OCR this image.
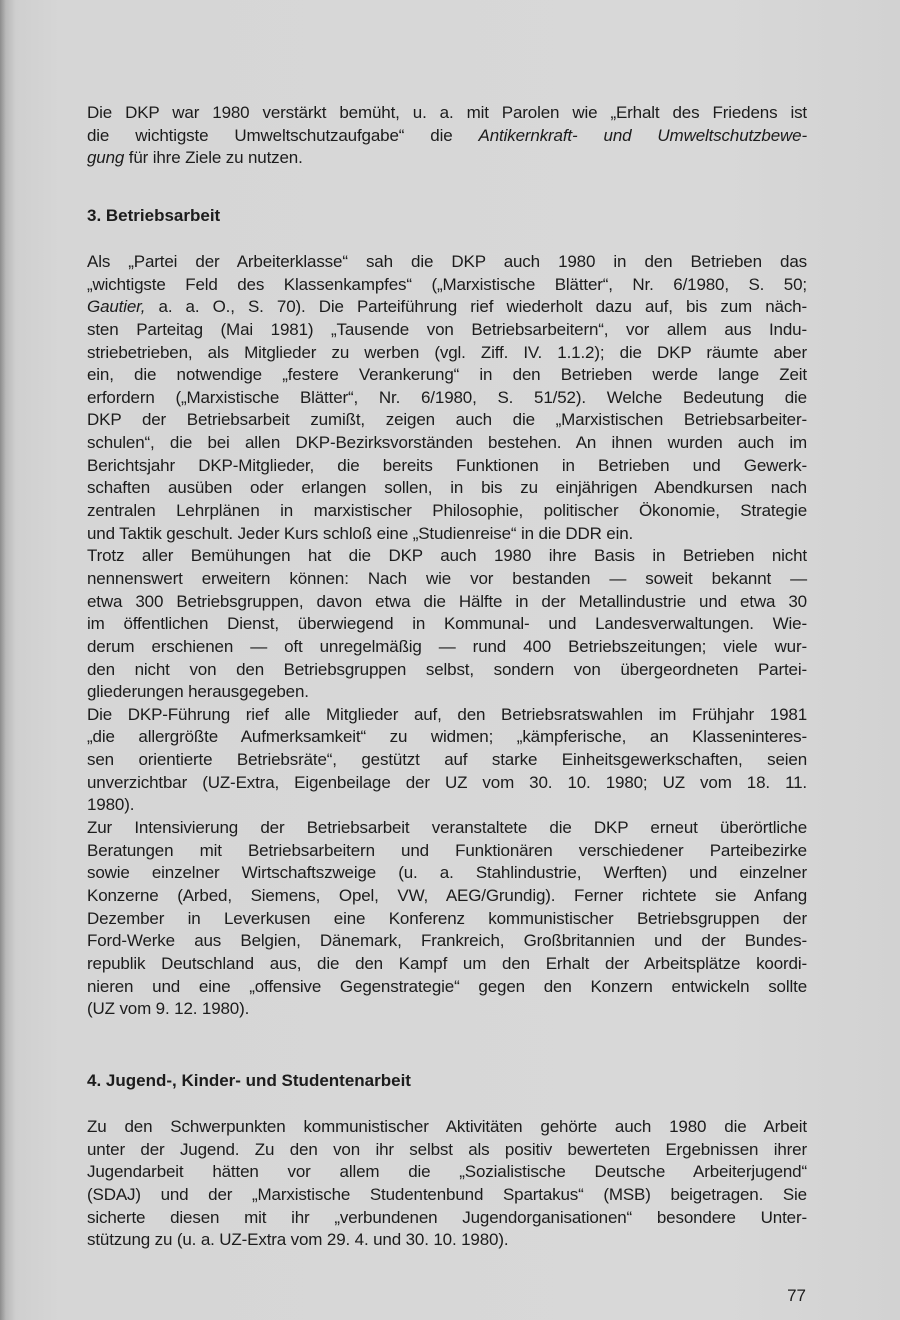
Die DKP war 1980 verstärkt bemüht, u. a. mit Parolen wie „Erhalt des Friedens ist
die wichtigste Umweltschutzaufgabe“ die Antikernkraft- und Umweltschutzbewe-
gung für ihre Ziele zu nutzen.
3. Betriebsarbeit
Als „Partei der Arbeiterklasse“ sah die DKP auch 1980 in den Betrieben das
„wichtigste Feld des Klassenkampfes“ („Marxistische Blätter“, Nr. 6/1980, S. 50;
Gautier, a. a. O., S. 70). Die Parteiführung rief wiederholt dazu auf, bis zum näch-
sten Parteitag (Mai 1981) „Tausende von Betriebsarbeitern“, vor allem aus Indu-
striebetrieben, als Mitglieder zu werben (vgl. Ziff. IV. 1.1.2); die DKP räumte aber
ein, die notwendige „festere Verankerung“ in den Betrieben werde lange Zeit
erfordern („Marxistische Blätter“, Nr. 6/1980, S. 51/52). Welche Bedeutung die
DKP der Betriebsarbeit zumißt, zeigen auch die „Marxistischen Betriebsarbeiter-
schulen“, die bei allen DKP-Bezirksvorständen bestehen. An ihnen wurden auch im
Berichtsjahr DKP-Mitglieder, die bereits Funktionen in Betrieben und Gewerk-
schaften ausüben oder erlangen sollen, in bis zu einjährigen Abendkursen nach
zentralen Lehrplänen in marxistischer Philosophie, politischer Ökonomie, Strategie
und Taktik geschult. Jeder Kurs schloß eine „Studienreise“ in die DDR ein.
Trotz aller Bemühungen hat die DKP auch 1980 ihre Basis in Betrieben nicht
nennenswert erweitern können: Nach wie vor bestanden — soweit bekannt —
etwa 300 Betriebsgruppen, davon etwa die Hälfte in der Metallindustrie und etwa 30
im öffentlichen Dienst, überwiegend in Kommunal- und Landesverwaltungen. Wie-
derum erschienen — oft unregelmäßig — rund 400 Betriebszeitungen; viele wur-
den nicht von den Betriebsgruppen selbst, sondern von übergeordneten Partei-
gliederungen herausgegeben.
Die DKP-Führung rief alle Mitglieder auf, den Betriebsratswahlen im Frühjahr 1981
„die allergrößte Aufmerksamkeit“ zu widmen; „kämpferische, an Klasseninteres-
sen orientierte Betriebsräte“, gestützt auf starke Einheitsgewerkschaften, seien
unverzichtbar (UZ-Extra, Eigenbeilage der UZ vom 30. 10. 1980; UZ vom 18. 11.
1980).
Zur Intensivierung der Betriebsarbeit veranstaltete die DKP erneut überörtliche
Beratungen mit Betriebsarbeitern und Funktionären verschiedener Parteibezirke
sowie einzelner Wirtschaftszweige (u. a. Stahlindustrie, Werften) und einzelner
Konzerne (Arbed, Siemens, Opel, VW, AEG/Grundig). Ferner richtete sie Anfang
Dezember in Leverkusen eine Konferenz kommunistischer Betriebsgruppen der
Ford-Werke aus Belgien, Dänemark, Frankreich, Großbritannien und der Bundes-
republik Deutschland aus, die den Kampf um den Erhalt der Arbeitsplätze koordi-
nieren und eine „offensive Gegenstrategie“ gegen den Konzern entwickeln sollte
(UZ vom 9. 12. 1980).
4. Jugend-, Kinder- und Studentenarbeit
Zu den Schwerpunkten kommunistischer Aktivitäten gehörte auch 1980 die Arbeit
unter der Jugend. Zu den von ihr selbst als positiv bewerteten Ergebnissen ihrer
Jugendarbeit hätten vor allem die „Sozialistische Deutsche Arbeiterjugend“
(SDAJ) und der „Marxistische Studentenbund Spartakus“ (MSB) beigetragen. Sie
sicherte diesen mit ihr „verbundenen Jugendorganisationen“ besondere Unter-
stützung zu (u. a. UZ-Extra vom 29. 4. und 30. 10. 1980).
77
